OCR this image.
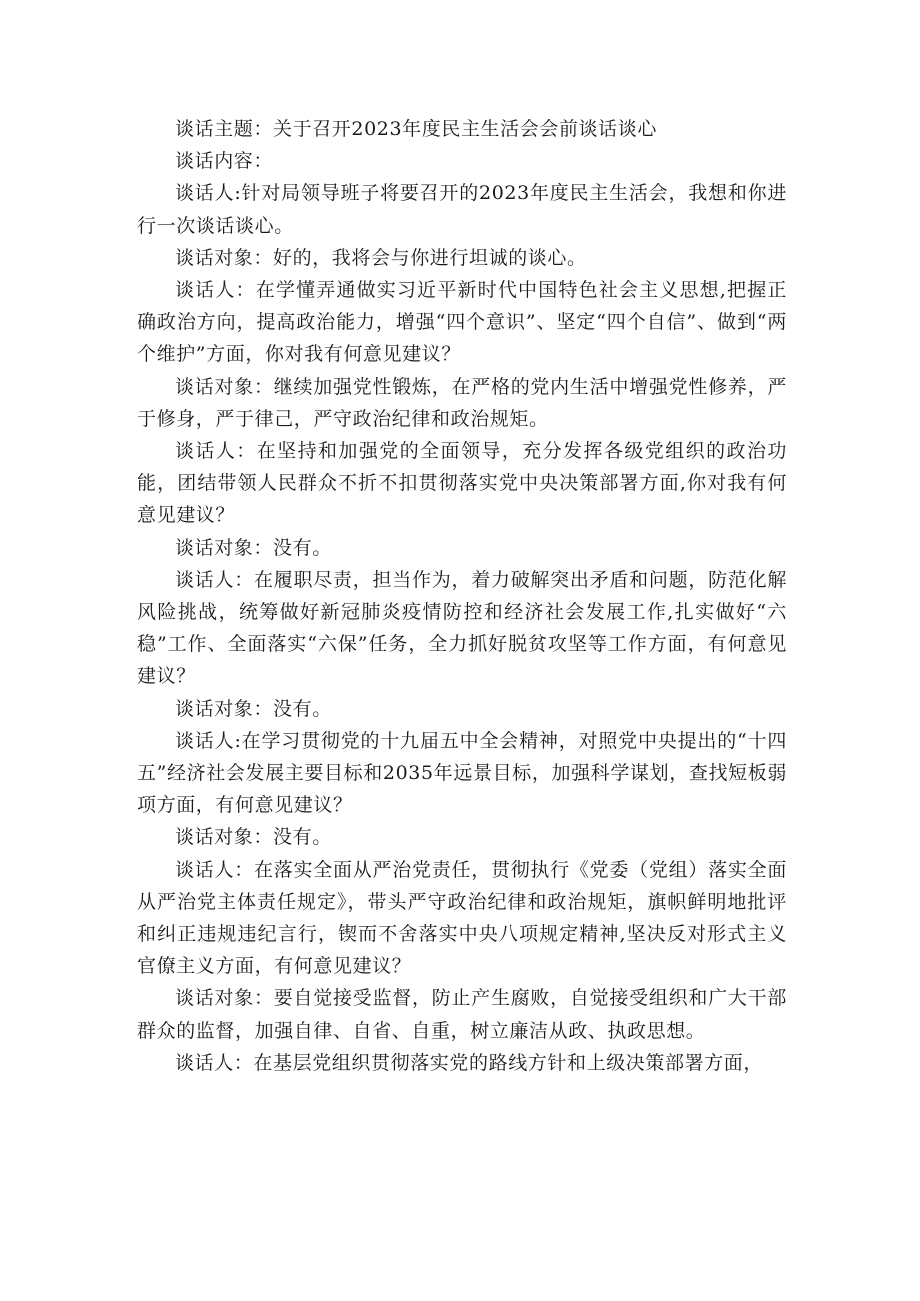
谈话主题：关于召开2023年度民主生活会会前谈话谈心

谈话内容：

谈话人:针对局领导班子将要召开的2023年度民主生活会，我想和你进行一次谈话谈心。

谈话对象：好的，我将会与你进行坦诚的谈心。

谈话人：在学懂弄通做实习近平新时代中国特色社会主义思想,把握正确政治方向，提高政治能力，增强“四个意识”、坚定“四个自信”、做到“两个维护”方面，你对我有何意见建议？

谈话对象：继续加强党性锻炼，在严格的党内生活中增强党性修养，严于修身，严于律己，严守政治纪律和政治规矩。

谈话人：在坚持和加强党的全面领导，充分发挥各级党组织的政治功能，团结带领人民群众不折不扣贯彻落实党中央决策部署方面,你对我有何意见建议？

谈话对象：没有。

谈话人：在履职尽责，担当作为，着力破解突出矛盾和问题，防范化解风险挑战，统筹做好新冠肺炎疫情防控和经济社会发展工作,扎实做好“六稳”工作、全面落实“六保”任务，全力抓好脱贫攻坚等工作方面，有何意见建议？

谈话对象：没有。

谈话人:在学习贯彻党的十九届五中全会精神，对照党中央提出的“十四五”经济社会发展主要目标和2035年远景目标，加强科学谋划，查找短板弱项方面，有何意见建议？

谈话对象：没有。

谈话人：在落实全面从严治党责任，贯彻执行《党委（党组）落实全面从严治党主体责任规定》，带头严守政治纪律和政治规矩，旗帜鲜明地批评和纠正违规违纪言行，锲而不舍落实中央八项规定精神,坚决反对形式主义官僚主义方面，有何意见建议？

谈话对象：要自觉接受监督，防止产生腐败，自觉接受组织和广大干部群众的监督，加强自律、自省、自重，树立廉洁从政、执政思想。

谈话人：在基层党组织贯彻落实党的路线方针和上级决策部署方面，
